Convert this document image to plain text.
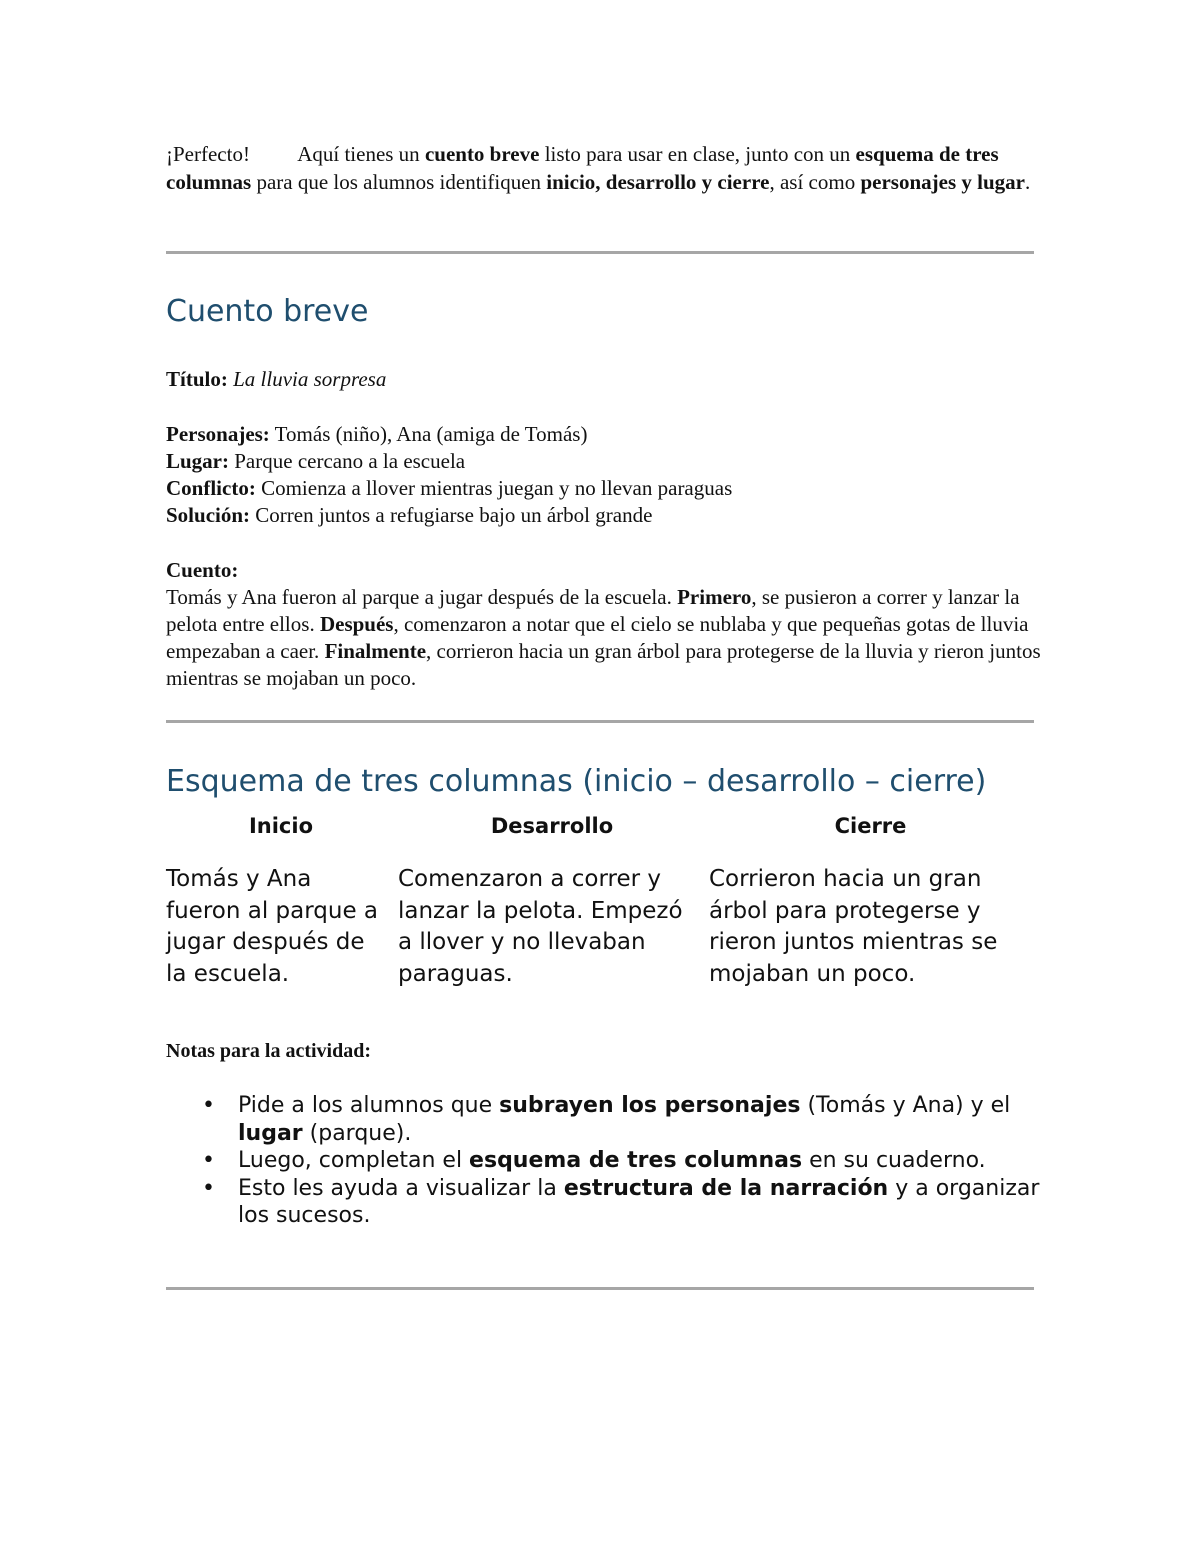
¡Perfecto! Aquí tienes un cuento breve listo para usar en clase, junto con un esquema de tres columnas para que los alumnos identifiquen inicio, desarrollo y cierre, así como personajes y lugar.
Cuento breve
Título: La lluvia sorpresa
Personajes: Tomás (niño), Ana (amiga de Tomás)
Lugar: Parque cercano a la escuela
Conflicto: Comienza a llover mientras juegan y no llevan paraguas
Solución: Corren juntos a refugiarse bajo un árbol grande
Cuento:
Tomás y Ana fueron al parque a jugar después de la escuela. Primero, se pusieron a correr y lanzar la pelota entre ellos. Después, comenzaron a notar que el cielo se nublaba y que pequeñas gotas de lluvia empezaban a caer. Finalmente, corrieron hacia un gran árbol para protegerse de la lluvia y rieron juntos mientras se mojaban un poco.
Esquema de tres columnas (inicio – desarrollo – cierre)
Inicio	Desarrollo	Cierre
Tomás y Ana fueron al parque a jugar después de la escuela.
Comenzaron a correr y lanzar la pelota. Empezó a llover y no llevaban paraguas.
Corrieron hacia un gran árbol para protegerse y rieron juntos mientras se mojaban un poco.
Notas para la actividad:
• Pide a los alumnos que subrayen los personajes (Tomás y Ana) y el lugar (parque).
• Luego, completan el esquema de tres columnas en su cuaderno.
• Esto les ayuda a visualizar la estructura de la narración y a organizar los sucesos.
